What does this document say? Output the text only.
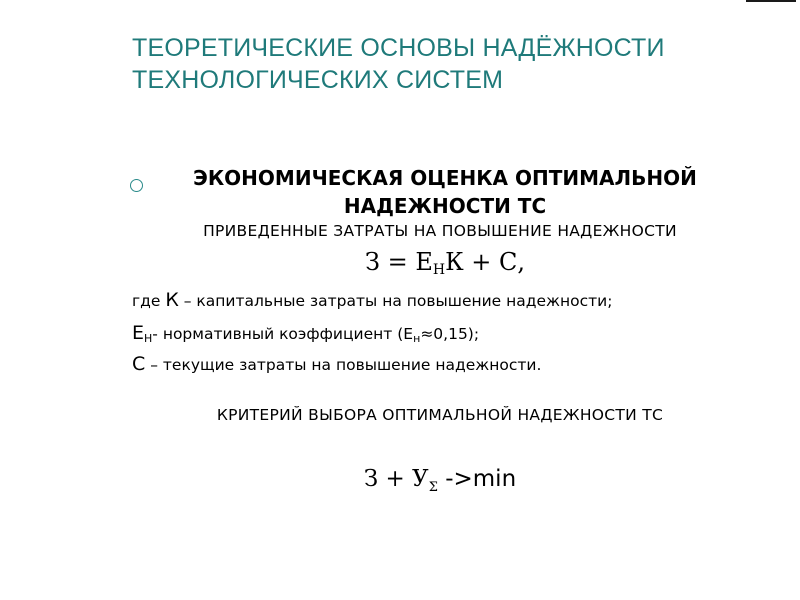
ТЕОРЕТИЧЕСКИЕ ОСНОВЫ НАДЁЖНОСТИ
ТЕХНОЛОГИЧЕСКИХ СИСТЕМ
ЭКОНОМИЧЕСКАЯ ОЦЕНКА ОПТИМАЛЬНОЙ
НАДЕЖНОСТИ ТС
ПРИВЕДЕННЫЕ ЗАТРАТЫ НА ПОВЫШЕНИЕ НАДЕЖНОСТИ
$З = Е_НК + С$,
где К – капитальные затраты на повышение надежности;
$Е_Н-$ нормативный коэффициент $(Е_н\approx 0,15)$;
С – текущие затраты на повышение надежности.
КРИТЕРИЙ ВЫБОРА ОПТИМАЛЬНОЙ НАДЕЖНОСТИ ТС
$З + У_\Sigma$ ->min
